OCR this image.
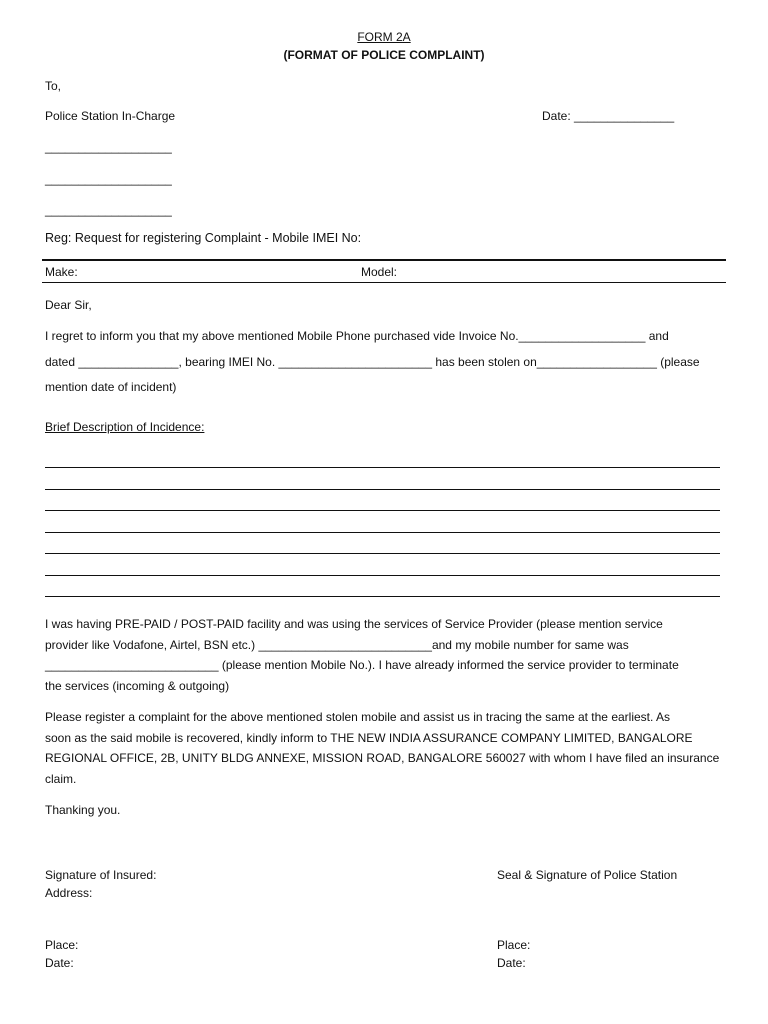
FORM 2A
(FORMAT OF POLICE COMPLAINT)
To,
Police Station In-Charge	Date: _______________
___________________
___________________
___________________
Reg: Request for registering Complaint - Mobile IMEI No:
Make:	Model:
Dear Sir,
I regret to inform you that my above mentioned Mobile Phone purchased vide Invoice No.___________________ and
dated _______________, bearing IMEI No. _______________________ has been stolen on__________________ (please
mention date of incident)
Brief Description of Incidence:
I was having PRE-PAID / POST-PAID facility and was using the services of Service Provider (please mention service
provider like Vodafone, Airtel, BSN etc.) __________________________and my mobile number for same was
__________________________ (please mention Mobile No.). I have already informed the service provider to terminate
the services (incoming & outgoing)
Please register a complaint for the above mentioned stolen mobile and assist us in tracing the same at the earliest. As
soon as the said mobile is recovered, kindly inform to THE NEW INDIA ASSURANCE COMPANY LIMITED, BANGALORE
REGIONAL OFFICE, 2B, UNITY BLDG ANNEXE, MISSION ROAD, BANGALORE 560027 with whom I have filed an insurance
claim.
Thanking you.
Signature of Insured:
Address:
Seal & Signature of Police Station
Place:
Date:
Place:
Date:
